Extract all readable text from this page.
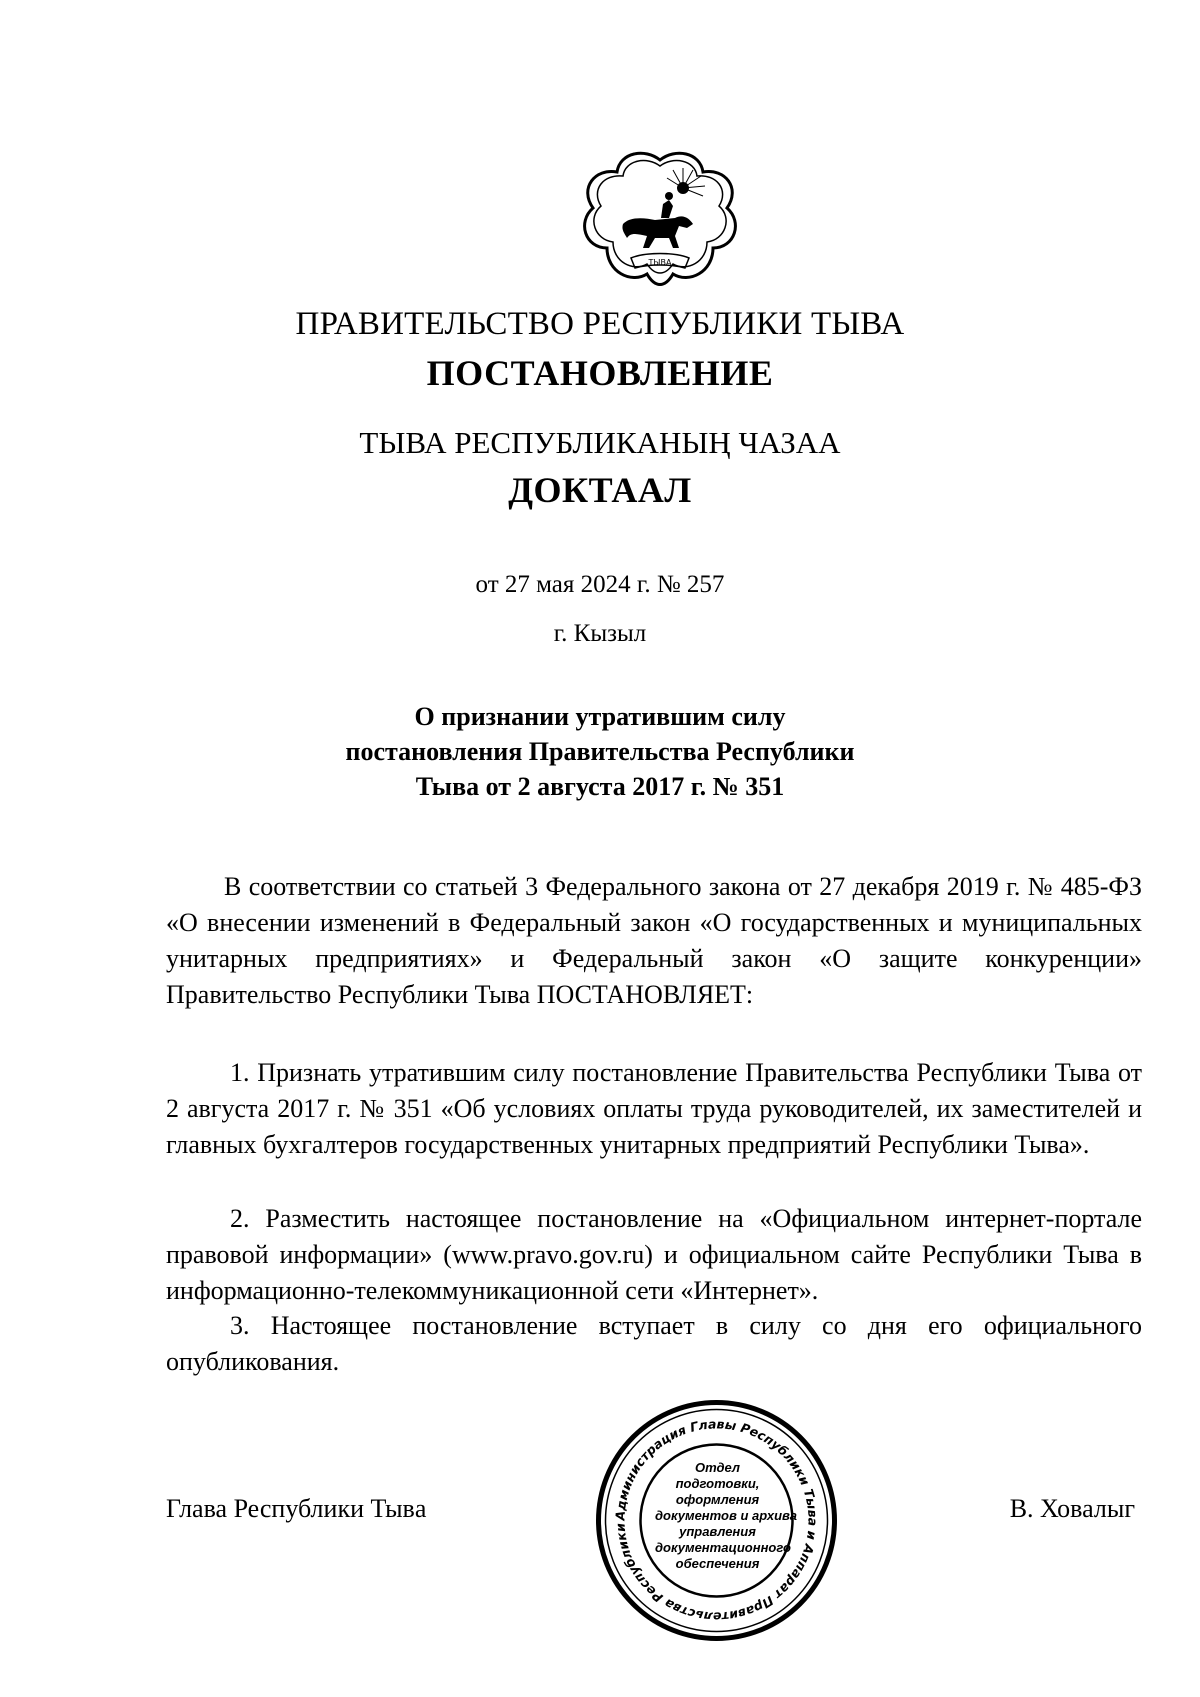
ТЫВА
ПРАВИТЕЛЬСТВО РЕСПУБЛИКИ ТЫВА
ПОСТАНОВЛЕНИЕ
ТЫВА РЕСПУБЛИКАНЫҢ ЧАЗАА
ДОКТААЛ
от 27 мая 2024 г. № 257
г. Кызыл
О признании утратившим силу
постановления Правительства Республики
Тыва от 2 августа 2017 г. № 351
В соответствии со статьей 3 Федерального закона от 27 декабря 2019 г. № 485-ФЗ «О внесении изменений в Федеральный закон «О государственных и муниципальных унитарных предприятиях» и Федеральный закон «О защите конкуренции» Правительство Республики Тыва ПОСТАНОВЛЯЕТ:
1. Признать утратившим силу постановление Правительства Республики Тыва от 2 августа 2017 г. № 351 «Об условиях оплаты труда руководителей, их заместителей и главных бухгалтеров государственных унитарных предприятий Республики Тыва».
2. Разместить настоящее постановление на «Официальном интернет-портале правовой информации» (www.pravo.gov.ru) и официальном сайте Республики Тыва в информационно-телекоммуникационной сети «Интернет».
3. Настоящее постановление вступает в силу со дня его официального опубликования.
Глава Республики Тывa	В. Ховалыг
Администрация Главы Республики Тыва и Аппарат Правительства Республики
Отдел
подготовки,
оформления
документов и архива
управления
документационного
обеспечения
